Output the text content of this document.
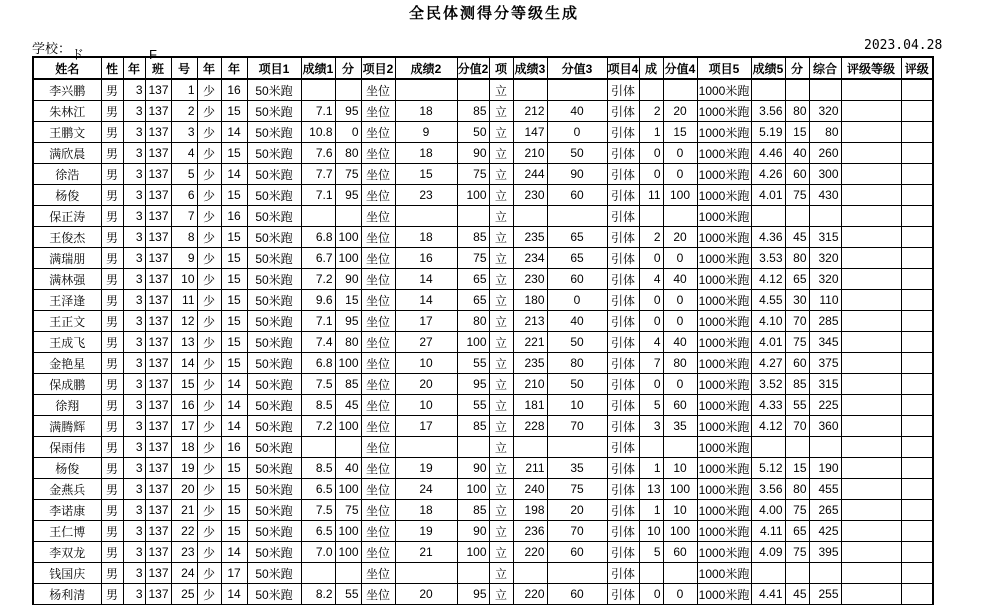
全民体测得分等级生成
学校：ド　　　　　F
2023.04.28
姓名	性	年	班	号	年	年	项目1	成绩1	分	项目2	成绩2	分值2	项	成绩3	分值3	项目4	成	分值4	项目5	成绩5	分	综合	评级等级	评级
李兴鹏	男	3	137	1	少	16	50米跑			坐位			立			引体			1000米跑					
朱林江	男	3	137	2	少	15	50米跑	7.1	95	坐位	18	85	立	212	40	引体	2	20	1000米跑	3.56	80	320		
王鹏文	男	3	137	3	少	14	50米跑	10.8	0	坐位	9	50	立	147	0	引体	1	15	1000米跑	5.19	15	80		
满欣晨	男	3	137	4	少	15	50米跑	7.6	80	坐位	18	90	立	210	50	引体	0	0	1000米跑	4.46	40	260		
徐浩	男	3	137	5	少	14	50米跑	7.7	75	坐位	15	75	立	244	90	引体	0	0	1000米跑	4.26	60	300		
杨俊	男	3	137	6	少	15	50米跑	7.1	95	坐位	23	100	立	230	60	引体	11	100	1000米跑	4.01	75	430		
保正涛	男	3	137	7	少	16	50米跑			坐位			立			引体			1000米跑					
王俊杰	男	3	137	8	少	15	50米跑	6.8	100	坐位	18	85	立	235	65	引体	2	20	1000米跑	4.36	45	315		
满瑞朋	男	3	137	9	少	15	50米跑	6.7	100	坐位	16	75	立	234	65	引体	0	0	1000米跑	3.53	80	320		
满林强	男	3	137	10	少	15	50米跑	7.2	90	坐位	14	65	立	230	60	引体	4	40	1000米跑	4.12	65	320		
王泽逢	男	3	137	11	少	15	50米跑	9.6	15	坐位	14	65	立	180	0	引体	0	0	1000米跑	4.55	30	110		
王正文	男	3	137	12	少	15	50米跑	7.1	95	坐位	17	80	立	213	40	引体	0	0	1000米跑	4.10	70	285		
王成飞	男	3	137	13	少	15	50米跑	7.4	80	坐位	27	100	立	221	50	引体	4	40	1000米跑	4.01	75	345		
金艳星	男	3	137	14	少	15	50米跑	6.8	100	坐位	10	55	立	235	80	引体	7	80	1000米跑	4.27	60	375		
保成鹏	男	3	137	15	少	14	50米跑	7.5	85	坐位	20	95	立	210	50	引体	0	0	1000米跑	3.52	85	315		
徐翔	男	3	137	16	少	14	50米跑	8.5	45	坐位	10	55	立	181	10	引体	5	60	1000米跑	4.33	55	225		
满腾辉	男	3	137	17	少	14	50米跑	7.2	100	坐位	17	85	立	228	70	引体	3	35	1000米跑	4.12	70	360		
保雨伟	男	3	137	18	少	16	50米跑			坐位			立			引体			1000米跑					
杨俊	男	3	137	19	少	15	50米跑	8.5	40	坐位	19	90	立	211	35	引体	1	10	1000米跑	5.12	15	190		
金燕兵	男	3	137	20	少	15	50米跑	6.5	100	坐位	24	100	立	240	75	引体	13	100	1000米跑	3.56	80	455		
李诺康	男	3	137	21	少	15	50米跑	7.5	75	坐位	18	85	立	198	20	引体	1	10	1000米跑	4.00	75	265		
王仁博	男	3	137	22	少	15	50米跑	6.5	100	坐位	19	90	立	236	70	引体	10	100	1000米跑	4.11	65	425		
李双龙	男	3	137	23	少	14	50米跑	7.0	100	坐位	21	100	立	220	60	引体	5	60	1000米跑	4.09	75	395		
钱国庆	男	3	137	24	少	17	50米跑			坐位			立			引体			1000米跑					
杨利清	男	3	137	25	少	14	50米跑	8.2	55	坐位	20	95	立	220	60	引体	0	0	1000米跑	4.41	45	255		
